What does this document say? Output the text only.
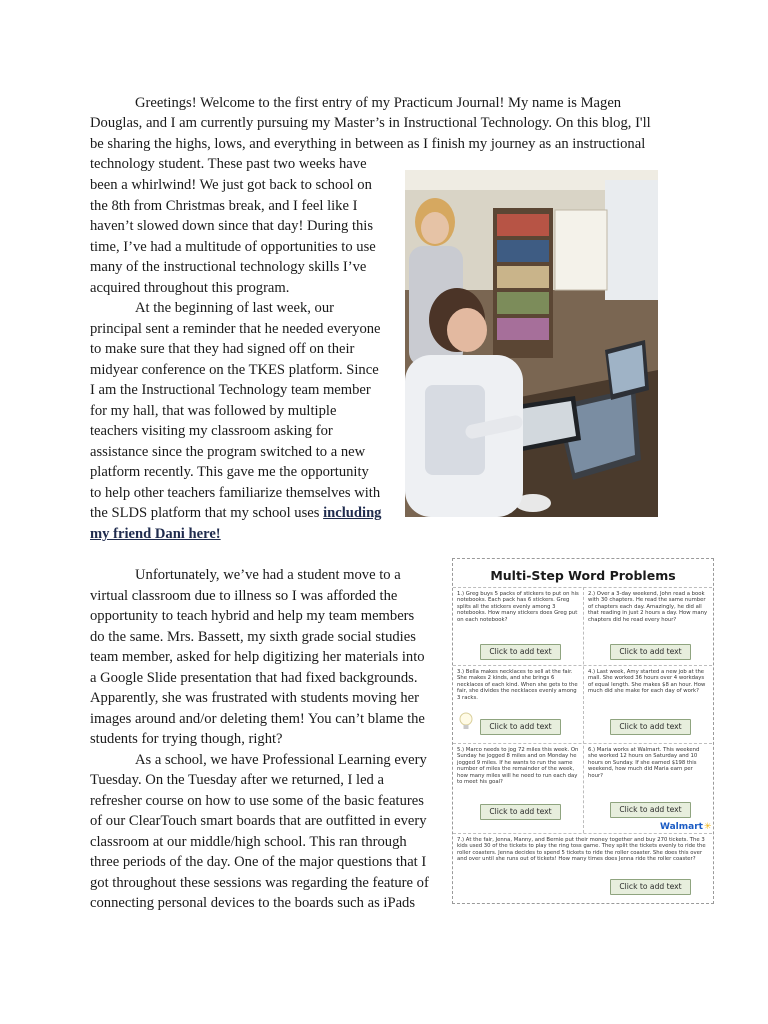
Greetings! Welcome to the first entry of my Practicum Journal! My name is Magen

Douglas, and I am currently pursuing my Master’s in Instructional Technology. On this blog, I'll

be sharing the highs, lows, and everything in between as I finish my journey as an instructional

technology student. These past two weeks have

been a whirlwind! We just got back to school on

the 8th from Christmas break, and I feel like I

haven’t slowed down since that day! During this

time, I’ve had a multitude of opportunities to use

many of the instructional technology skills I’ve

acquired throughout this program.

At the beginning of last week, our

principal sent a reminder that he needed everyone

to make sure that they had signed off on their

midyear conference on the TKES platform. Since

I am the Instructional Technology team member

for my hall, that was followed by multiple

teachers visiting my classroom asking for

assistance since the program switched to a new

platform recently. This gave me the opportunity

to help other teachers familiarize themselves with

the SLDS platform that my school uses including

my friend Dani here!

Unfortunately, we’ve had a student move to a

virtual classroom due to illness so I was afforded the

opportunity to teach hybrid and help my team members

do the same. Mrs. Bassett, my sixth grade social studies

team member, asked for help digitizing her materials into

a Google Slide presentation that had fixed backgrounds.

Apparently, she was frustrated with students moving her

images around and/or deleting them! You can’t blame the

students for trying though, right?

As a school, we have Professional Learning every

Tuesday. On the Tuesday after we returned, I led a

refresher course on how to use some of the basic features

of our ClearTouch smart boards that are outfitted in every

classroom at our middle/high school. This ran through

three periods of the day. One of the major questions that I

got throughout these sessions was regarding the feature of

connecting personal devices to the boards such as iPads

Multi-Step Word Problems
1.) Greg buys 5 packs of stickers to put on his notebooks. Each pack has 6 stickers. Greg splits all the stickers evenly among 3 notebooks. How many stickers does Greg put on each notebook?
Click to add text
2.) Over a 3-day weekend, John read a book with 30 chapters. He read the same number of chapters each day. Amazingly, he did all that reading in just 2 hours a day. How many chapters did he read every hour?
Click to add text
3.) Bella makes necklaces to sell at the fair. She makes 2 kinds, and she brings 6 necklaces of each kind. When she gets to the fair, she divides the necklaces evenly among 3 racks.
Click to add text
4.) Last week, Amy started a new job at the mall. She worked 36 hours over 4 workdays of equal length. She makes $8 an hour. How much did she make for each day of work?
Click to add text
5.) Marco needs to jog 72 miles this week. On Sunday he jogged 8 miles and on Monday he jogged 9 miles. If he wants to run the same number of miles the remainder of the week, how many miles will he need to run each day to meet his goal?
Click to add text
6.) Maria works at Walmart. This weekend she worked 12 hours on Saturday and 10 hours on Sunday. If she earned $198 this weekend, how much did Maria earn per hour?
Click to add text
7.) At the fair, Jenna, Manny, and Bernie put their money together and buy 270 tickets. The 3 kids used 30 of the tickets to play the ring toss game. They split the tickets evenly to ride the roller coasters. Jenna decides to spend 5 tickets to ride the roller coaster. She does this over and over until she runs out of tickets! How many times does Jenna ride the roller coaster?
Click to add text
Walmart✳
